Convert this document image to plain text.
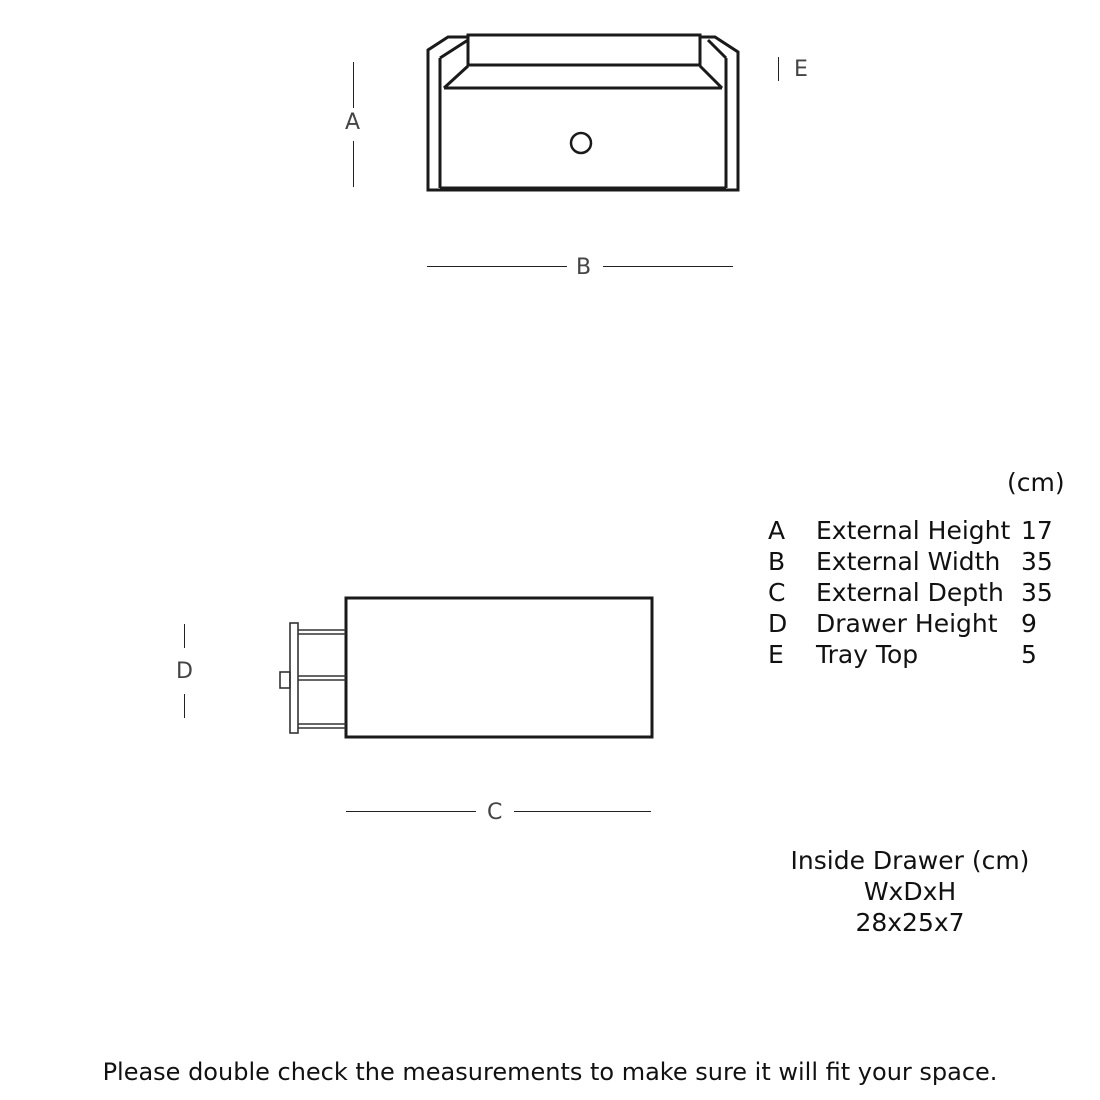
A
E
B
D
C
(cm)
A External Height 17
B External Width 35
C External Depth 35
D Drawer Height 9
E Tray Top	5
Inside Drawer (cm)
WxDxH
28x25x7
Please double check the measurements to make sure it will fit your space.
